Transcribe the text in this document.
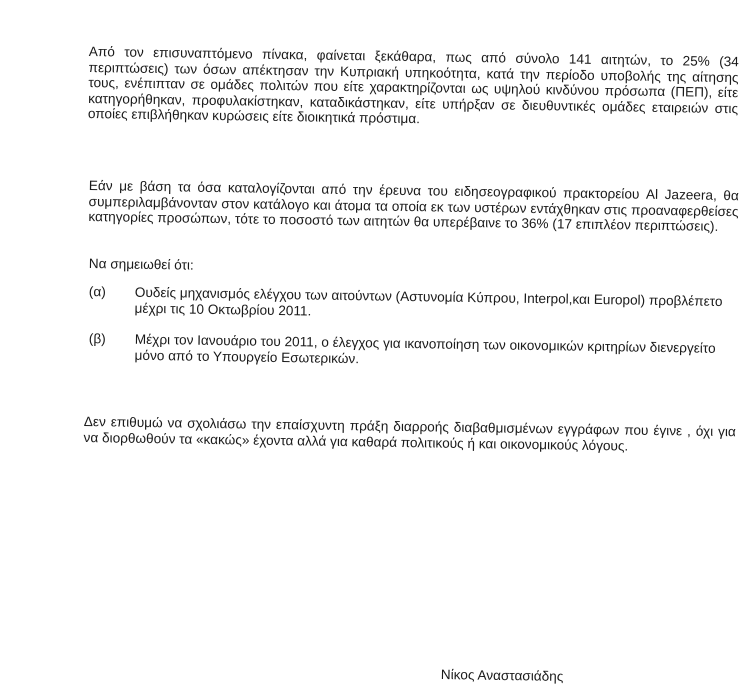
Από τον επισυναπτόμενο πίνακα, φαίνεται ξεκάθαρα, πως από σύνολο 141 αιτητών, το 25% (34 περιπτώσεις) των όσων απέκτησαν την Κυπριακή υπηκοότητα, κατά την περίοδο υποβολής της αίτησης τους, ενέπιπταν σε ομάδες πολιτών που είτε χαρακτηρίζονται ως υψηλού κινδύνου πρόσωπα (ΠΕΠ), είτε κατηγορήθηκαν, προφυλακίστηκαν, καταδικάστηκαν, είτε υπήρξαν σε διευθυντικές ομάδες εταιρειών στις οποίες επιβλήθηκαν κυρώσεις είτε διοικητικά πρόστιμα.
Εάν με βάση τα όσα καταλογίζονται από την έρευνα του ειδησεογραφικού πρακτορείου Al Jazeera, θα συμπεριλαμβάνονταν στον κατάλογο και άτομα τα οποία εκ των υστέρων εντάχθηκαν στις προαναφερθείσες κατηγορίες προσώπων, τότε το ποσοστό των αιτητών θα υπερέβαινε το 36% (17 επιπλέον περιπτώσεις).
Να σημειωθεί ότι:
(α)	Ουδείς μηχανισμός ελέγχου των αιτούντων (Αστυνομία Κύπρου, Interpol,και Europol) προβλέπετο μέχρι τις 10 Οκτωβρίου 2011.
(β)	Μέχρι τον Ιανουάριο του 2011, ο έλεγχος για ικανοποίηση των οικονομικών κριτηρίων διενεργείτο μόνο από το Υπουργείο Εσωτερικών.
Δεν επιθυμώ να σχολιάσω την επαίσχυντη πράξη διαρροής διαβαθμισμένων εγγράφων που έγινε , όχι για να διορθωθούν τα «κακώς» έχοντα αλλά για καθαρά πολιτικούς ή και οικονομικούς λόγους.
Νίκος Αναστασιάδης
